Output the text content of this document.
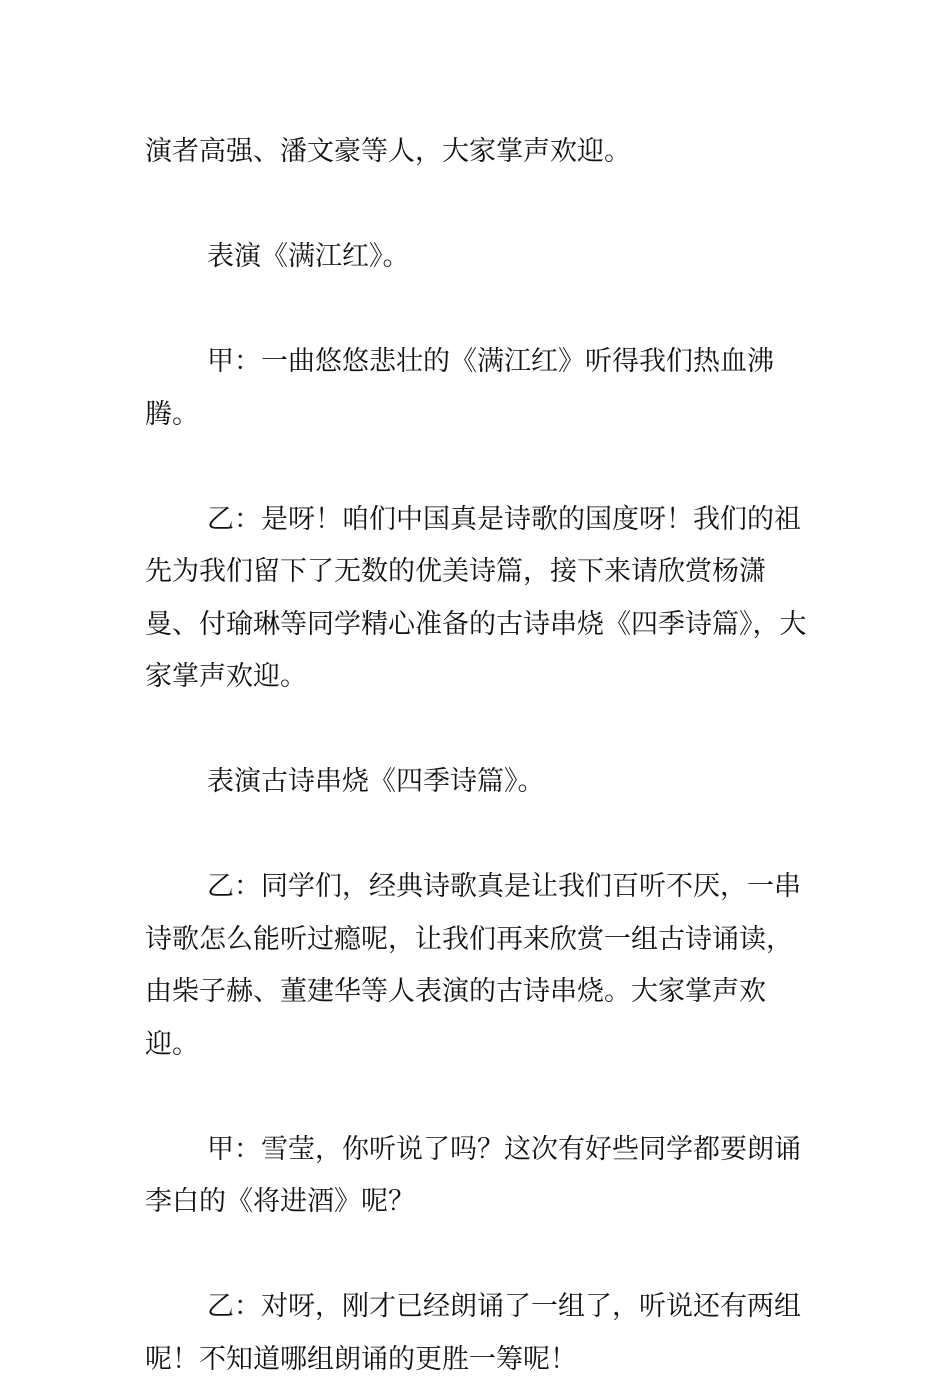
演者高强、潘文豪等人，大家掌声欢迎。

表演《满江红》。

甲：一曲悠悠悲壮的《满江红》听得我们热血沸腾。

乙：是呀！咱们中国真是诗歌的国度呀！我们的祖先为我们留下了无数的优美诗篇，接下来请欣赏杨潇曼、付瑜琳等同学精心准备的古诗串烧《四季诗篇》，大家掌声欢迎。

表演古诗串烧《四季诗篇》。

乙：同学们，经典诗歌真是让我们百听不厌，一串诗歌怎么能听过瘾呢，让我们再来欣赏一组古诗诵读，由柴子赫、董建华等人表演的古诗串烧。大家掌声欢迎。

甲：雪莹，你听说了吗？这次有好些同学都要朗诵李白的《将进酒》呢？

乙：对呀，刚才已经朗诵了一组了，听说还有两组呢！不知道哪组朗诵的更胜一筹呢！
